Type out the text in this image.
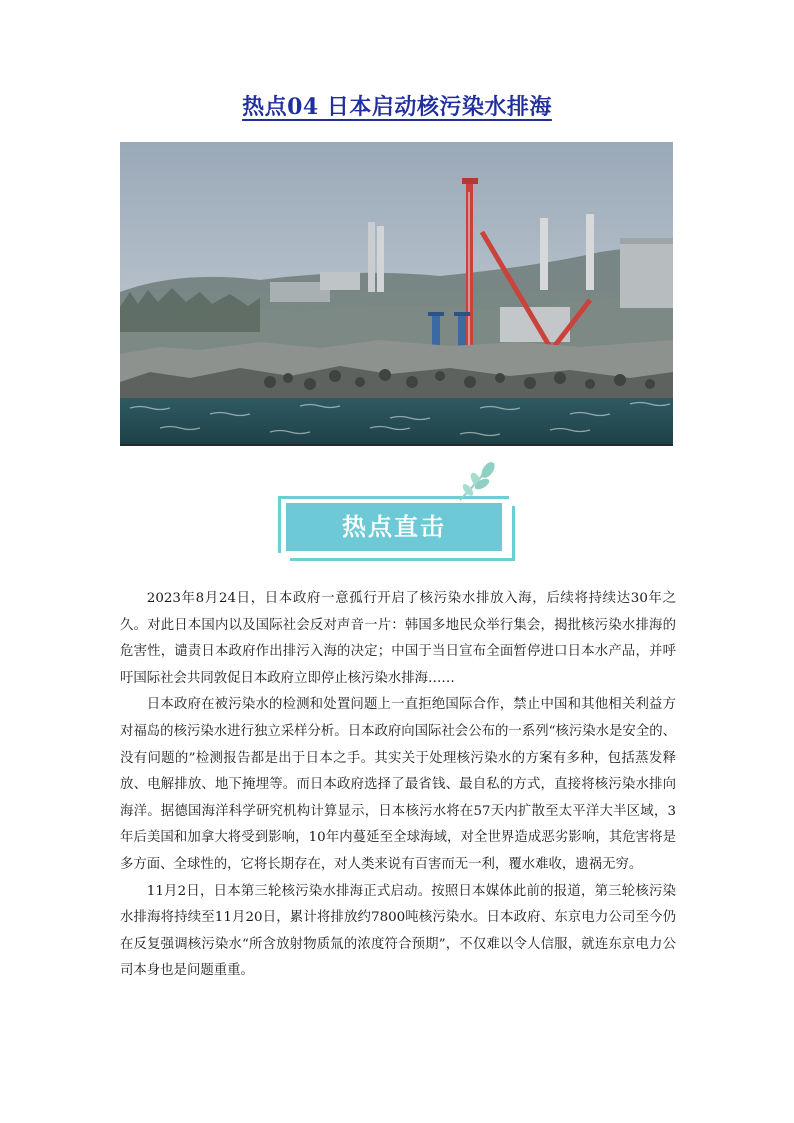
热点04 日本启动核污染水排海
热点直击

2023年8月24日，日本政府一意孤行开启了核污染水排放入海，后续将持续达30年之久。对此日本国内以及国际社会反对声音一片：韩国多地民众举行集会，揭批核污染水排海的危害性，谴责日本政府作出排污入海的决定；中国于当日宣布全面暂停进口日本水产品，并呼吁国际社会共同敦促日本政府立即停止核污染水排海……

日本政府在被污染水的检测和处置问题上一直拒绝国际合作，禁止中国和其他相关利益方对福岛的核污染水进行独立采样分析。日本政府向国际社会公布的一系列“核污染水是安全的、没有问题的”检测报告都是出于日本之手。其实关于处理核污染水的方案有多种，包括蒸发释放、电解排放、地下掩埋等。而日本政府选择了最省钱、最自私的方式，直接将核污染水排向海洋。据德国海洋科学研究机构计算显示，日本核污水将在57天内扩散至太平洋大半区域，3年后美国和加拿大将受到影响，10年内蔓延至全球海域，对全世界造成恶劣影响，其危害将是多方面、全球性的，它将长期存在，对人类来说有百害而无一利，覆水难收，遗祸无穷。

11月2日，日本第三轮核污染水排海正式启动。按照日本媒体此前的报道，第三轮核污染水排海将持续至11月20日，累计将排放约7800吨核污染水。日本政府、东京电力公司至今仍在反复强调核污染水“所含放射物质氚的浓度符合预期”，不仅难以令人信服，就连东京电力公司本身也是问题重重。
